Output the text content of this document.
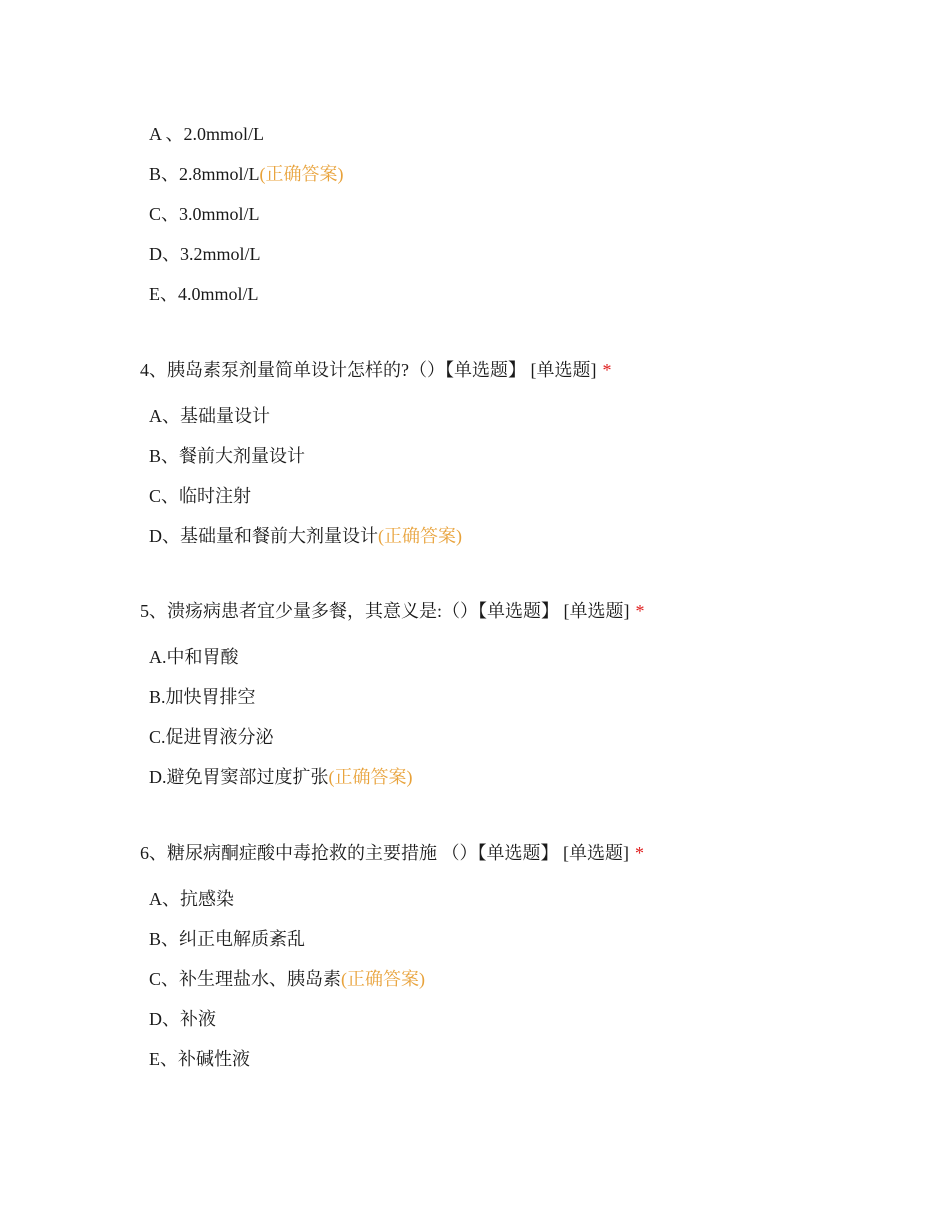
A 、2.0mmol/L
B、2.8mmol/L(正确答案)
C、3.0mmol/L
D、3.2mmol/L
E、4.0mmol/L
4、胰岛素泵剂量简单设计怎样的?（）【单选题】 [单选题] *
A、基础量设计
B、餐前大剂量设计
C、临时注射
D、基础量和餐前大剂量设计(正确答案)
5、溃疡病患者宜少量多餐，其意义是:（）【单选题】 [单选题] *
A.中和胃酸
B.加快胃排空
C.促进胃液分泌
D.避免胃窦部过度扩张(正确答案)
6、糖尿病酮症酸中毒抢救的主要措施 （）【单选题】 [单选题] *
A、抗感染
B、纠正电解质紊乱
C、补生理盐水、胰岛素(正确答案)
D、补液
E、补碱性液
